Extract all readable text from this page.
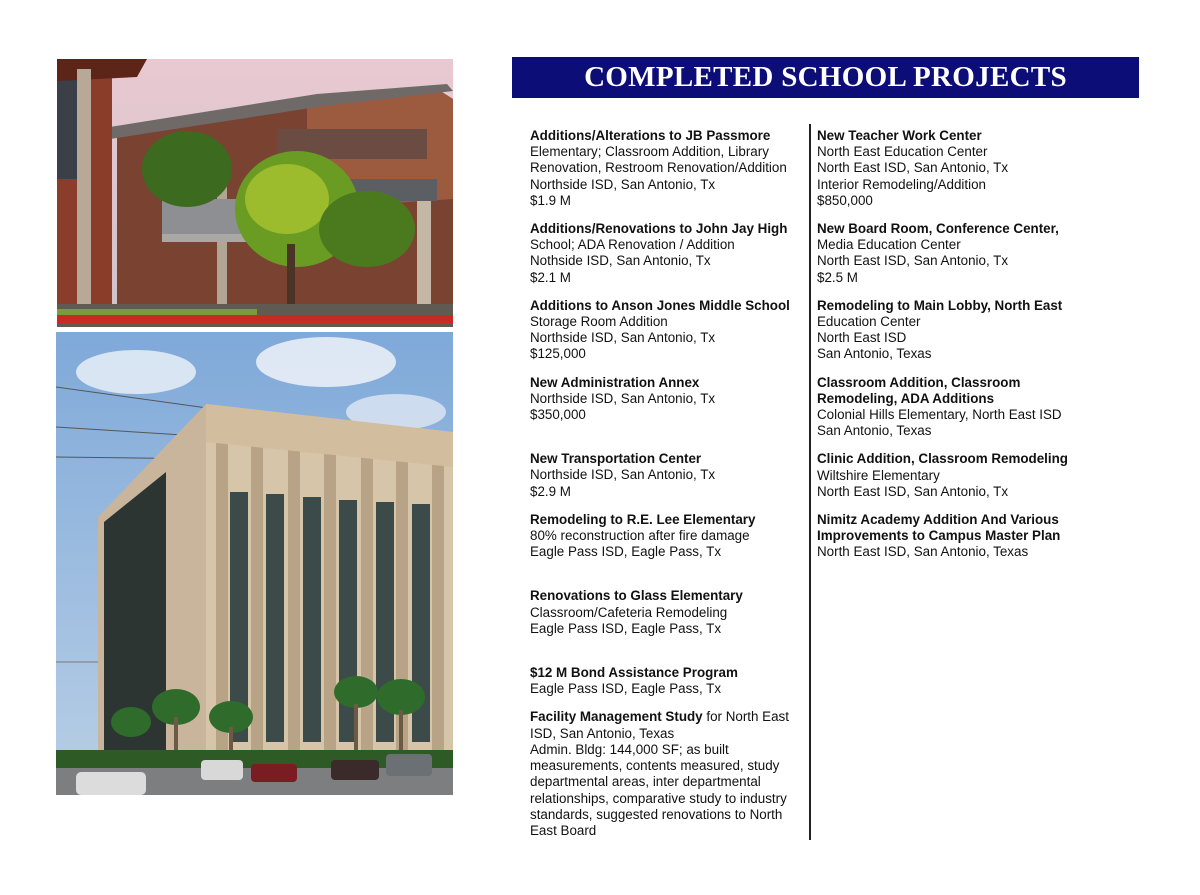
COMPLETED SCHOOL PROJECTS
Additions/Alterations to JB Passmore
Elementary; Classroom Addition, Library
Renovation, Restroom Renovation/Addition
Northside ISD, San Antonio, Tx
$1.9 M
Additions/Renovations to John Jay High
School; ADA Renovation / Addition
Nothside ISD, San Antonio, Tx
$2.1 M
Additions to Anson Jones Middle School
Storage Room Addition
Northside ISD, San Antonio, Tx
$125,000
New Administration Annex
Northside ISD, San Antonio, Tx
$350,000
New Transportation Center
Northside ISD, San Antonio, Tx
$2.9 M
Remodeling to R.E. Lee Elementary
80% reconstruction after fire damage
Eagle Pass ISD, Eagle Pass, Tx
Renovations to Glass Elementary
Classroom/Cafeteria Remodeling
Eagle Pass ISD, Eagle Pass, Tx
$12 M Bond Assistance Program
Eagle Pass ISD, Eagle Pass, Tx
Facility Management Study for North East
ISD, San Antonio, Texas
Admin. Bldg: 144,000 SF; as built
measurements, contents measured, study
departmental areas, inter departmental
relationships, comparative study to industry
standards, suggested renovations to North
East Board
New Teacher Work Center
North East Education Center
North East ISD, San Antonio, Tx
Interior Remodeling/Addition
$850,000
New Board Room, Conference Center,
Media Education Center
North East ISD, San Antonio, Tx
$2.5 M
Remodeling to Main Lobby, North East
Education Center
North East ISD
San Antonio, Texas
Classroom Addition, Classroom
Remodeling, ADA Additions
Colonial Hills Elementary, North East ISD
San Antonio, Texas
Clinic Addition, Classroom Remodeling
Wiltshire Elementary
North East ISD, San Antonio, Tx
Nimitz Academy Addition And Various
Improvements to Campus Master Plan
North East ISD, San Antonio, Texas
